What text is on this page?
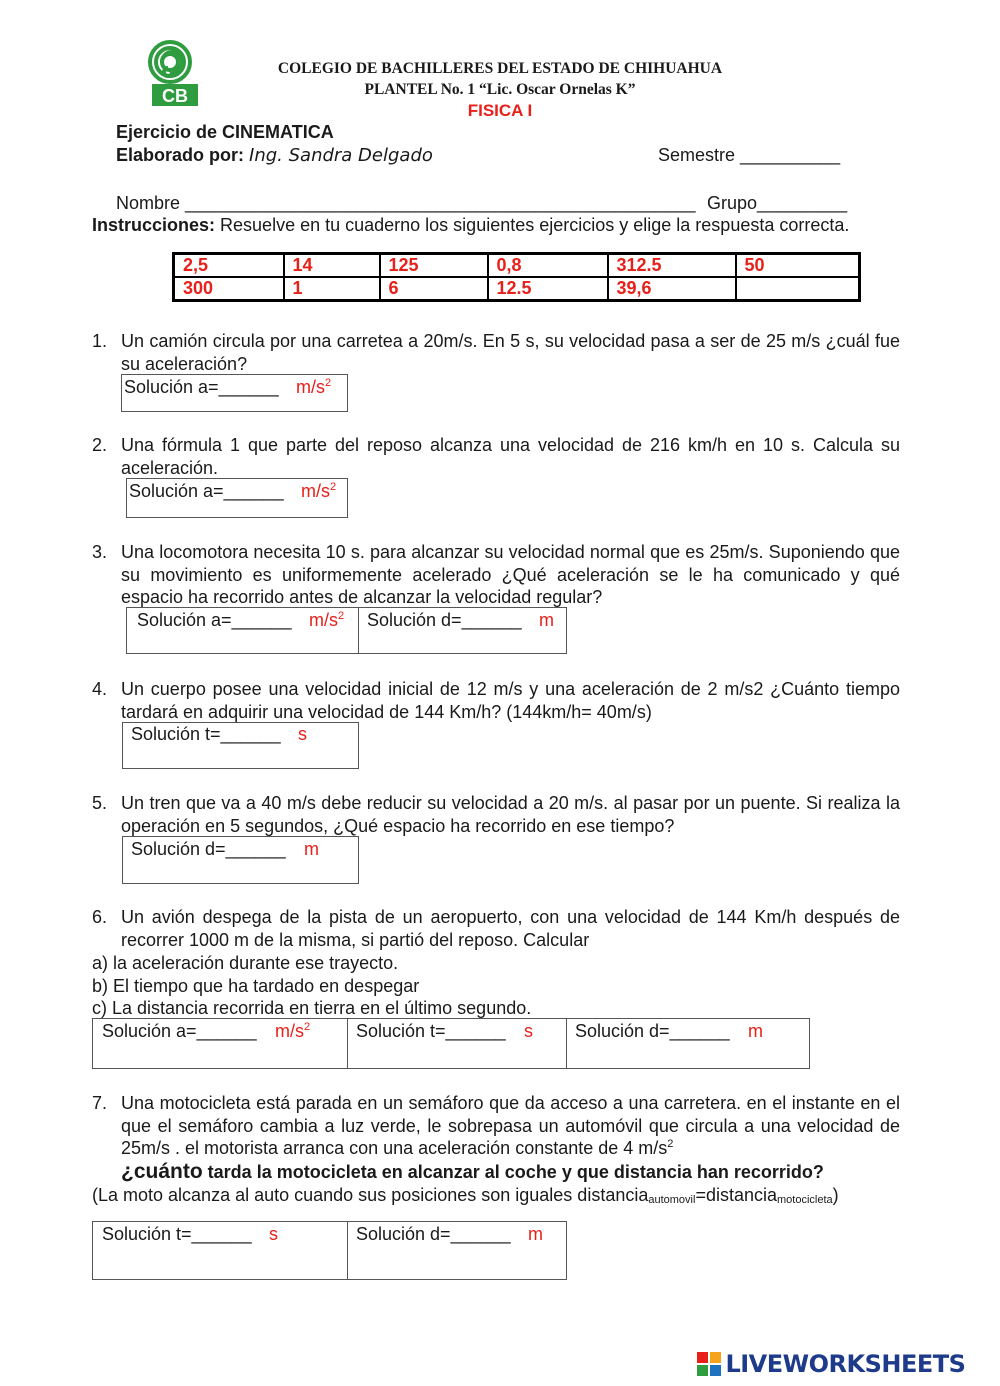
CB
COLEGIO DE BACHILLERES DEL ESTADO DE CHIHUAHUA
PLANTEL No. 1 “Lic. Oscar Ornelas K”
FISICA I
Ejercicio de CINEMATICA
Elaborado por: Ing. Sandra Delgado	Semestre __________
Nombre ___________________________________________________ Grupo_________
Instrucciones: Resuelve en tu cuaderno los siguientes ejercicios y elige la respuesta correcta.
2,5	14	125	0,8	312.5	50
300	1	6	12.5	39,6	
1. Un camión circula por una carretea a 20m/s. En 5 s, su velocidad pasa a ser de 25 m/s ¿cuál fue su aceleración?
Solución a=______ $m/s^2$
2. Una fórmula 1 que parte del reposo alcanza una velocidad de 216 km/h en 10 s. Calcula su aceleración.
Solución a=______ $m/s^2$
3. Una locomotora necesita 10 s. para alcanzar su velocidad normal que es 25m/s. Suponiendo que su movimiento es uniformemente acelerado ¿Qué aceleración se le ha comunicado y qué espacio ha recorrido antes de alcanzar la velocidad regular?
Solución a=______ $m/s^2$ Solución d=______ m
4. Un cuerpo posee una velocidad inicial de 12 m/s y una aceleración de 2 m/s2 ¿Cuánto tiempo tardará en adquirir una velocidad de 144 Km/h? (144km/h= 40m/s)
Solución t=______ s
5. Un tren que va a 40 m/s debe reducir su velocidad a 20 m/s. al pasar por un puente. Si realiza la operación en 5 segundos, ¿Qué espacio ha recorrido en ese tiempo?
Solución d=______ m
6. Un avión despega de la pista de un aeropuerto, con una velocidad de 144 Km/h después de recorrer 1000 m de la misma, si partió del reposo. Calcular
a) la aceleración durante ese trayecto.
b) El tiempo que ha tardado en despegar
c) La distancia recorrida en tierra en el último segundo.
Solución a=______ $m/s^2$	Solución t=______ s Solución d=______ m
7. Una motocicleta está parada en un semáforo que da acceso a una carretera. en el instante en el que el semáforo cambia a luz verde, le sobrepasa un automóvil que circula a una velocidad de 25m/s . el motorista arranca con una aceleración constante de 4 $m/s^2$
¿cuánto tarda la motocicleta en alcanzar al coche y que distancia han recorrido?
(La moto alcanza al auto cuando sus posiciones son iguales distancia$_{automovil}$=distancia$_{motocicleta}$)
Solución t=______ s	Solución d=______ m
LIVEWORKSHEETS
